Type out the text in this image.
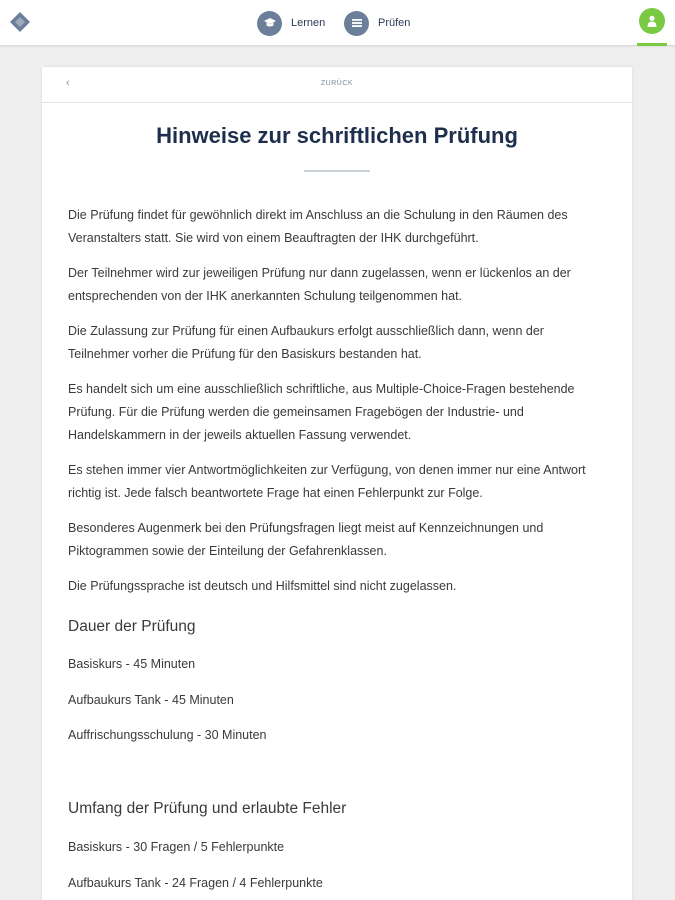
Lernen	Prüfen
‹	ZURÜCK
Hinweise zur schriftlichen Prüfung

Die Prüfung findet für gewöhnlich direkt im Anschluss an die Schulung in den Räumen des Veranstalters statt. Sie wird von einem Beauftragten der IHK durchgeführt.

Der Teilnehmer wird zur jeweiligen Prüfung nur dann zugelassen, wenn er lückenlos an der entsprechenden von der IHK anerkannten Schulung teilgenommen hat.

Die Zulassung zur Prüfung für einen Aufbaukurs erfolgt ausschließlich dann, wenn der Teilnehmer vorher die Prüfung für den Basiskurs bestanden hat.

Es handelt sich um eine ausschließlich schriftliche, aus Multiple-Choice-Fragen bestehende Prüfung. Für die Prüfung werden die gemeinsamen Fragebögen der Industrie- und Handelskammern in der jeweils aktuellen Fassung verwendet.

Es stehen immer vier Antwortmöglichkeiten zur Verfügung, von denen immer nur eine Antwort richtig ist. Jede falsch beantwortete Frage hat einen Fehlerpunkt zur Folge.

Besonderes Augenmerk bei den Prüfungsfragen liegt meist auf Kennzeichnungen und Piktogrammen sowie der Einteilung der Gefahrenklassen.

Die Prüfungssprache ist deutsch und Hilfsmittel sind nicht zugelassen.

Dauer der Prüfung
Basiskurs - 45 Minuten
Aufbaukurs Tank - 45 Minuten
Auffrischungsschulung - 30 Minuten
Umfang der Prüfung und erlaubte Fehler
Basiskurs - 30 Fragen / 5 Fehlerpunkte
Aufbaukurs Tank - 24 Fragen / 4 Fehlerpunkte
